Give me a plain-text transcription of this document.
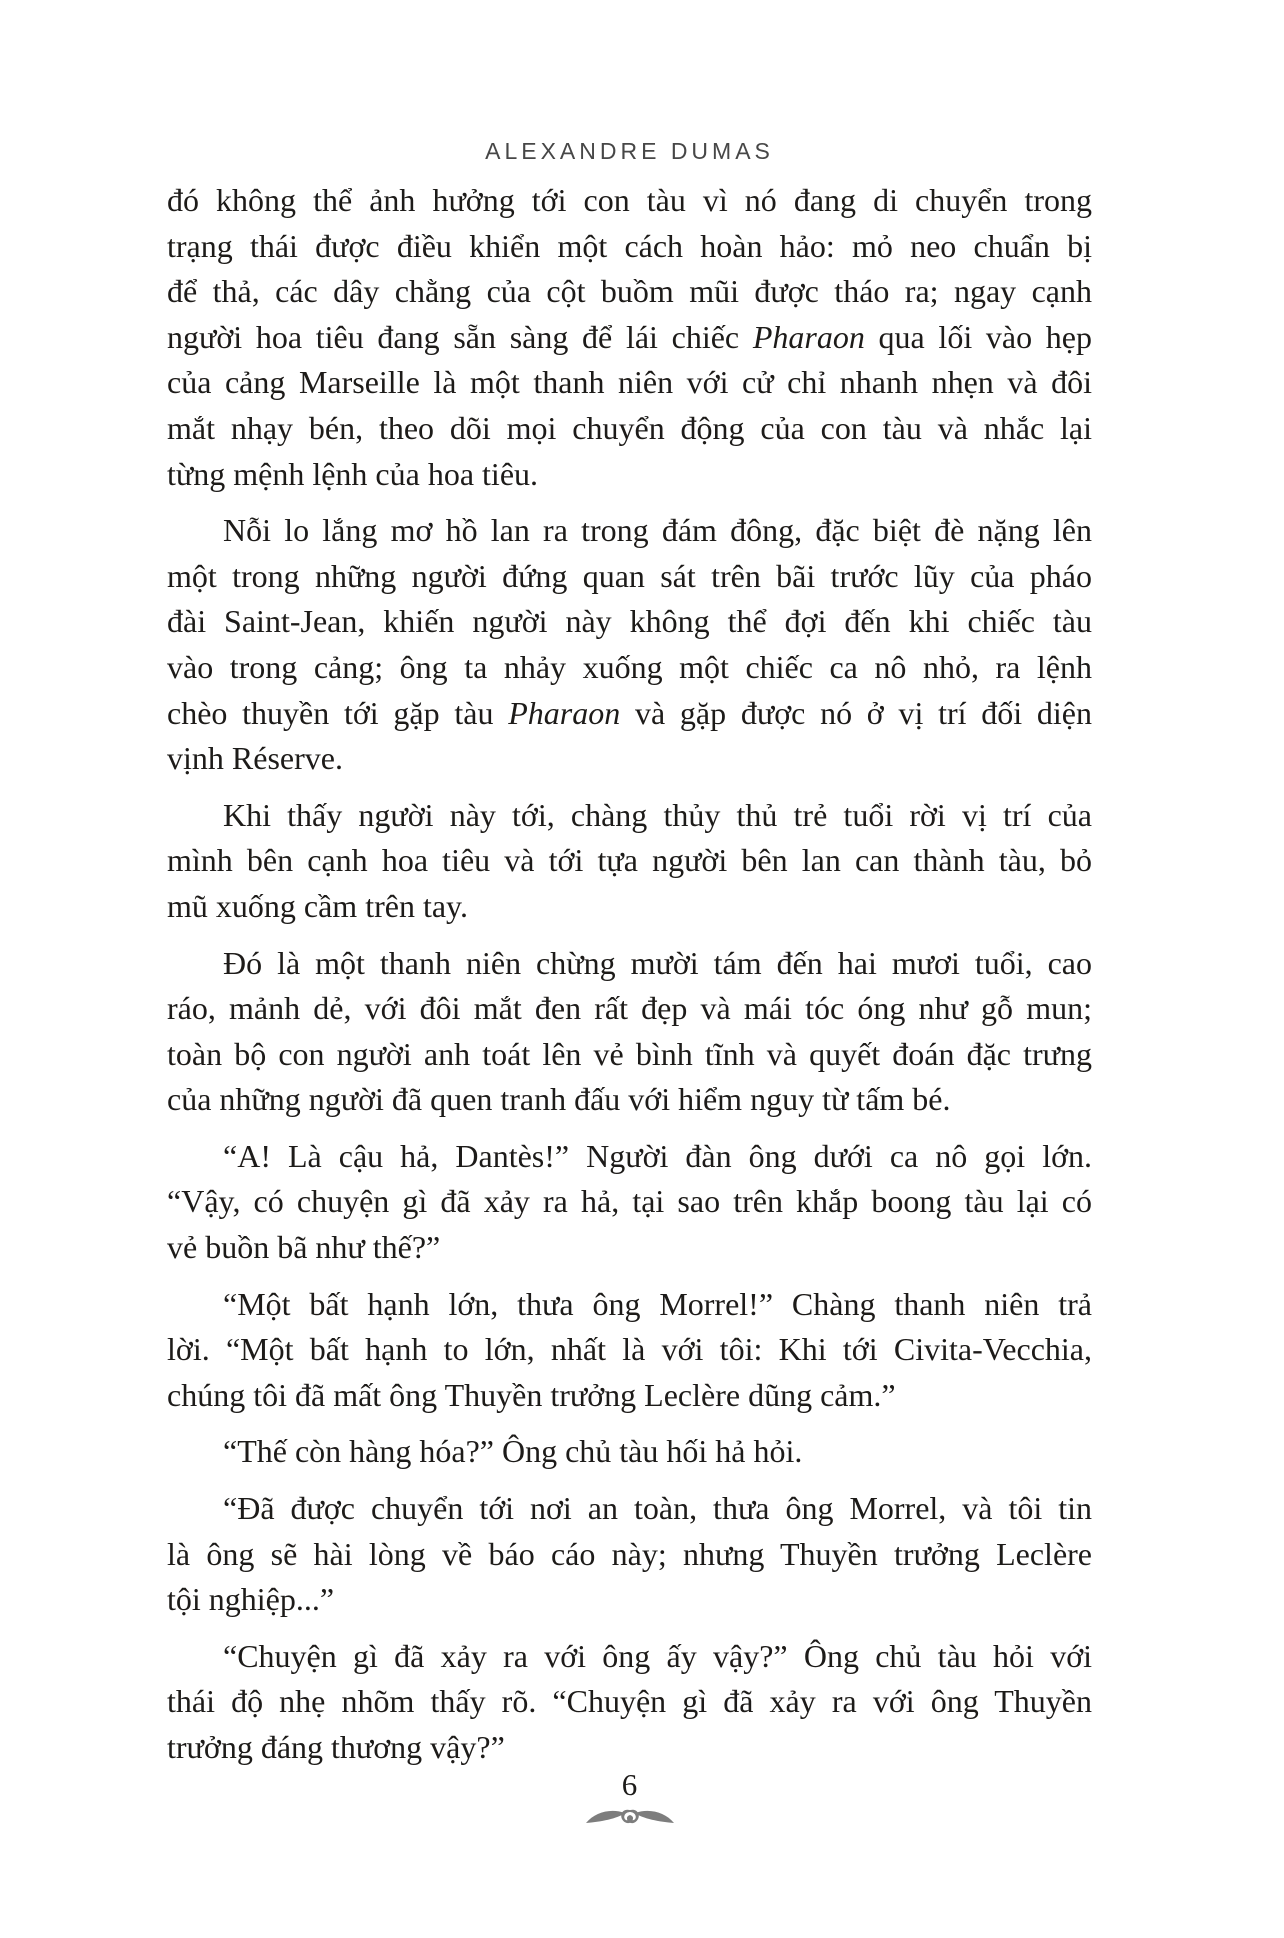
ALEXANDRE DUMAS
đó không thể ảnh hưởng tới con tàu vì nó đang di chuyển trong
trạng thái được điều khiển một cách hoàn hảo: mỏ neo chuẩn bị
để thả, các dây chằng của cột buồm mũi được tháo ra; ngay cạnh
người hoa tiêu đang sẵn sàng để lái chiếc Pharaon qua lối vào hẹp
của cảng Marseille là một thanh niên với cử chỉ nhanh nhẹn và đôi
mắt nhạy bén, theo dõi mọi chuyển động của con tàu và nhắc lại
từng mệnh lệnh của hoa tiêu.
Nỗi lo lắng mơ hồ lan ra trong đám đông, đặc biệt đè nặng lên
một trong những người đứng quan sát trên bãi trước lũy của pháo
đài Saint-Jean, khiến người này không thể đợi đến khi chiếc tàu
vào trong cảng; ông ta nhảy xuống một chiếc ca nô nhỏ, ra lệnh
chèo thuyền tới gặp tàu Pharaon và gặp được nó ở vị trí đối diện
vịnh Réserve.
Khi thấy người này tới, chàng thủy thủ trẻ tuổi rời vị trí của
mình bên cạnh hoa tiêu và tới tựa người bên lan can thành tàu, bỏ
mũ xuống cầm trên tay.
Đó là một thanh niên chừng mười tám đến hai mươi tuổi, cao
ráo, mảnh dẻ, với đôi mắt đen rất đẹp và mái tóc óng như gỗ mun;
toàn bộ con người anh toát lên vẻ bình tĩnh và quyết đoán đặc trưng
của những người đã quen tranh đấu với hiểm nguy từ tấm bé.
“A! Là cậu hả, Dantès!” Người đàn ông dưới ca nô gọi lớn.
“Vậy, có chuyện gì đã xảy ra hả, tại sao trên khắp boong tàu lại có
vẻ buồn bã như thế?”
“Một bất hạnh lớn, thưa ông Morrel!” Chàng thanh niên trả
lời. “Một bất hạnh to lớn, nhất là với tôi: Khi tới Civita-Vecchia,
chúng tôi đã mất ông Thuyền trưởng Leclère dũng cảm.”
“Thế còn hàng hóa?” Ông chủ tàu hối hả hỏi.
“Đã được chuyển tới nơi an toàn, thưa ông Morrel, và tôi tin
là ông sẽ hài lòng về báo cáo này; nhưng Thuyền trưởng Leclère
tội nghiệp...”
“Chuyện gì đã xảy ra với ông ấy vậy?” Ông chủ tàu hỏi với
thái độ nhẹ nhõm thấy rõ. “Chuyện gì đã xảy ra với ông Thuyền
trưởng đáng thương vậy?”
6
